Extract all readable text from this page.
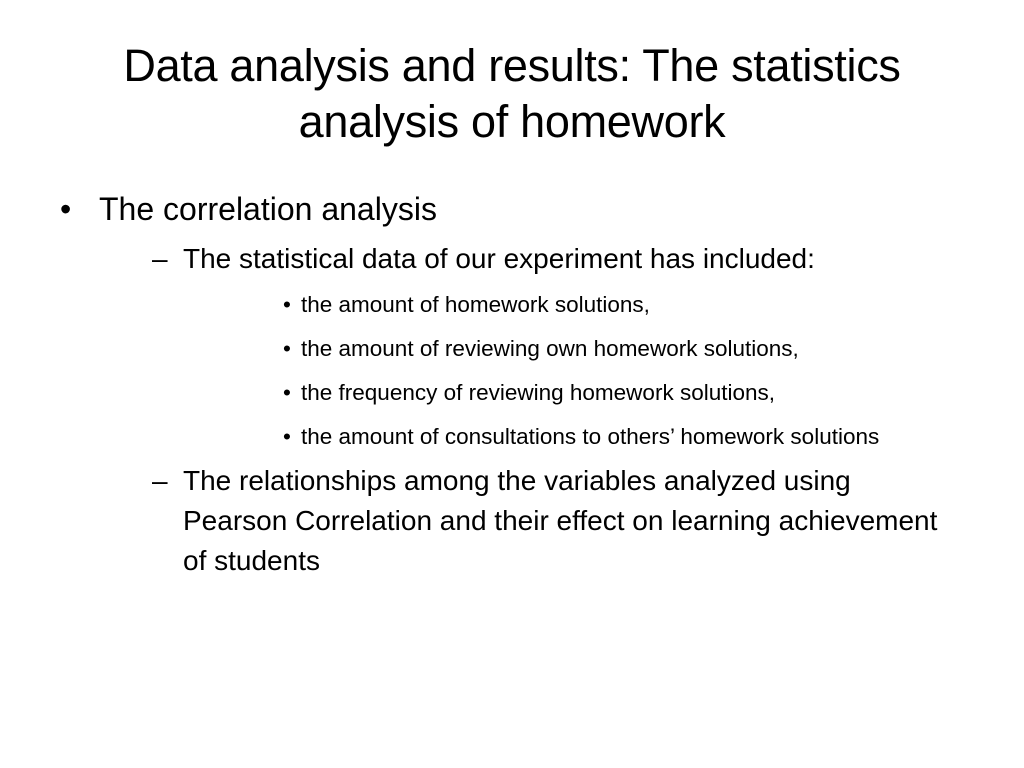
Data analysis and results: The statistics analysis of homework
• The correlation analysis
– The statistical data of our experiment has included:
• the amount of homework solutions,
• the amount of reviewing own homework solutions,
• the frequency of reviewing homework solutions,
• the amount of consultations to others’ homework solutions
– The relationships among the variables analyzed using Pearson Correlation and their effect on learning achievement of students
